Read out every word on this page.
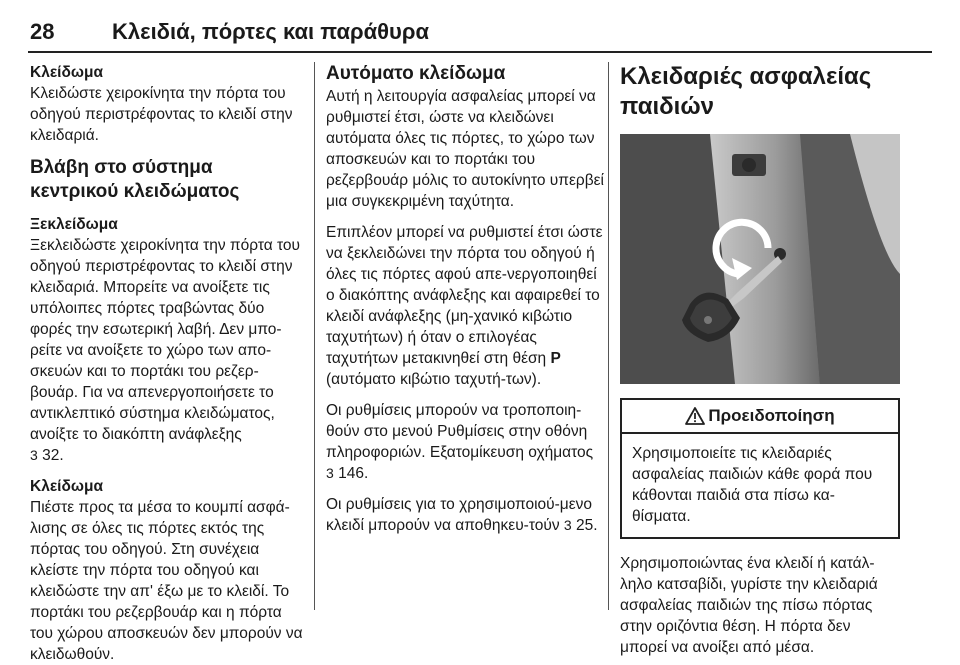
28	Κλειδιά, πόρτες και παράθυρα

Κλείδωμα

Κλειδώστε χειροκίνητα την πόρτα του οδηγού περιστρέφοντας το κλειδί στην κλειδαριά.

Βλάβη στο σύστημα κεντρικού κλειδώματος

Ξεκλείδωμα

Ξεκλειδώστε χειροκίνητα την πόρτα του οδηγού περιστρέφοντας το κλειδί στην κλειδαριά. Μπορείτε να ανοίξετε τις υπόλοιπες πόρτες τραβώντας δύο φορές την εσωτερική λαβή. Δεν μπο-ρείτε να ανοίξετε το χώρο των απο-σκευών και το πορτάκι του ρεζερ-βουάρ. Για να απενεργοποιήσετε το αντικλεπτικό σύστημα κλειδώματος, ανοίξτε το διακόπτη ανάφλεξης
3 32.

Κλείδωμα

Πιέστε προς τα μέσα το κουμπί ασφά-λισης σε όλες τις πόρτες εκτός της πόρτας του οδηγού. Στη συνέχεια κλείστε την πόρτα του οδηγού και κλειδώστε την απ' έξω με το κλειδί. Το πορτάκι του ρεζερβουάρ και η πόρτα του χώρου αποσκευών δεν μπορούν να κλειδωθούν.

Αυτόματο κλείδωμα

Αυτή η λειτουργία ασφαλείας μπορεί να ρυθμιστεί έτσι, ώστε να κλειδώνει αυτόματα όλες τις πόρτες, το χώρο των αποσκευών και το πορτάκι του ρεζερβουάρ μόλις το αυτοκίνητο υπερβεί μια συγκεκριμένη ταχύτητα.

Επιπλέον μπορεί να ρυθμιστεί έτσι ώστε να ξεκλειδώνει την πόρτα του οδηγού ή όλες τις πόρτες αφού απε-νεργοποιηθεί ο διακόπτης ανάφλεξης και αφαιρεθεί το κλειδί ανάφλεξης (μη-χανικό κιβώτιο ταχυτήτων) ή όταν ο επιλογέας ταχυτήτων μετακινηθεί στη θέση P (αυτόματο κιβώτιο ταχυτή-των).

Οι ρυθμίσεις μπορούν να τροποποιη-θούν στο μενού Ρυθμίσεις στην οθόνη πληροφοριών. Εξατομίκευση οχήματος 3 146.

Οι ρυθμίσεις για το χρησιμοποιού-μενο κλειδί μπορούν να αποθηκευ-τούν 3 25.

Κλειδαριές ασφαλείας παιδιών

Προειδοποίηση

Χρησιμοποιείτε τις κλειδαριές ασφαλείας παιδιών κάθε φορά που κάθονται παιδιά στα πίσω κα-θίσματα.

Χρησιμοποιώντας ένα κλειδί ή κατάλ-ληλο κατσαβίδι, γυρίστε την κλειδαριά ασφαλείας παιδιών της πίσω πόρτας στην οριζόντια θέση. Η πόρτα δεν μπορεί να ανοίξει από μέσα.
